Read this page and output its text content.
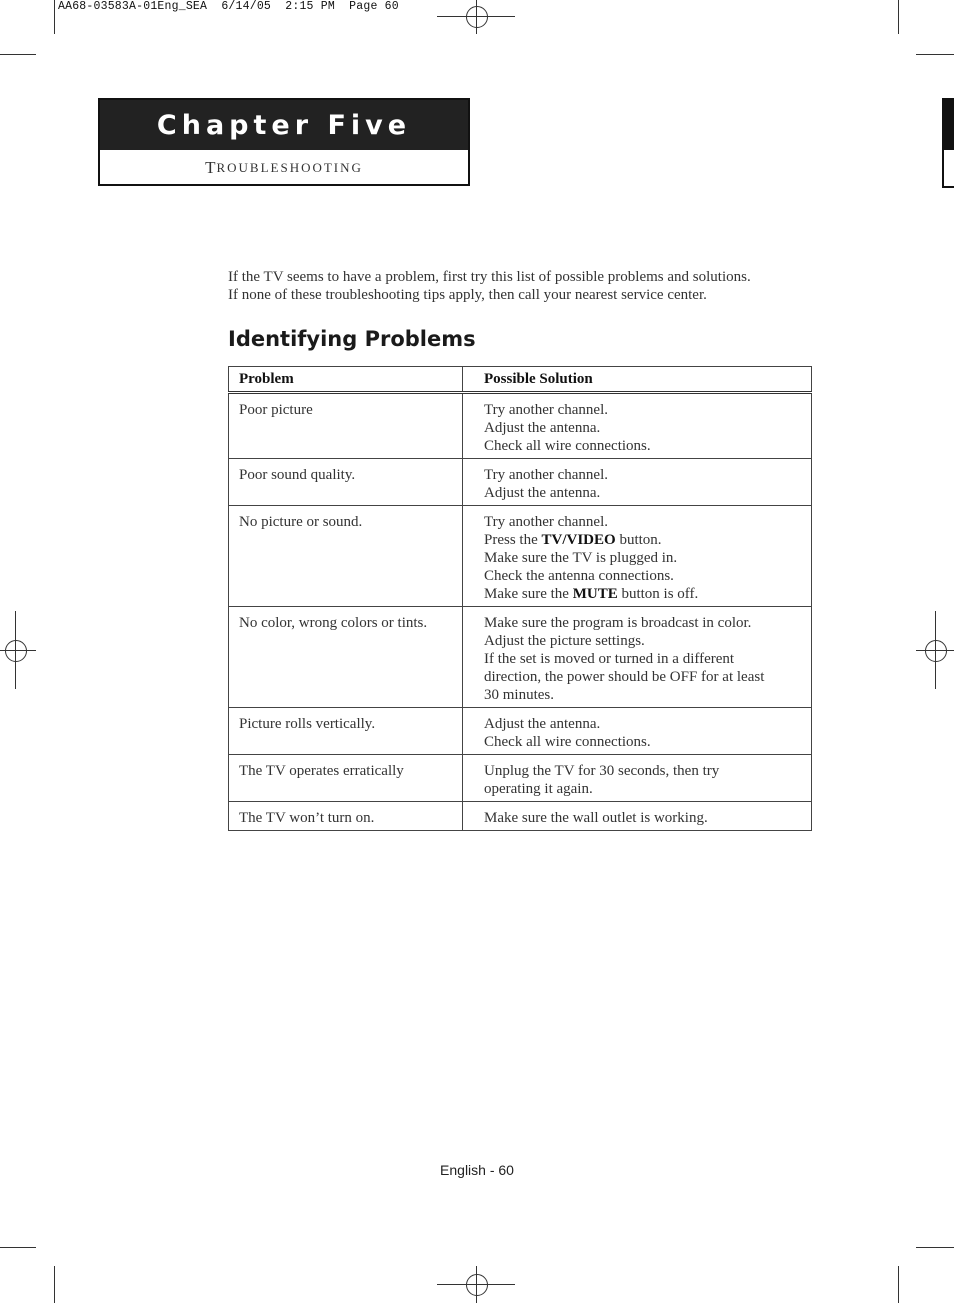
AA68-03583A-01Eng_SEA  6/14/05  2:15 PM  Page 60
Chapter Five
T ROUBLESHOOTING

If the TV seems to have a problem, first try this list of possible problems and solutions.

If none of these troubleshooting tips apply, then call your nearest service center.

Identifying Problems
Problem	Possible Solution
Poor picture	Try another channel.
Adjust the antenna.
Check all wire connections.

Poor sound quality.	Try another channel.
Adjust the antenna.

No picture or sound.	Try another channel.
Press the TV/VIDEO button.
Make sure the TV is plugged in.
Check the antenna connections.
Make sure the MUTE button is off.

No color, wrong colors or tints.	Make sure the program is broadcast in color.
Adjust the picture settings.
If the set is moved or turned in a different
direction, the power should be OFF for at least
30 minutes.

Picture rolls vertically.	Adjust the antenna.
Check all wire connections.

The TV operates erratically	Unplug the TV for 30 seconds, then try
operating it again.

The TV won’t turn on.	Make sure the wall outlet is working.
English - 60
